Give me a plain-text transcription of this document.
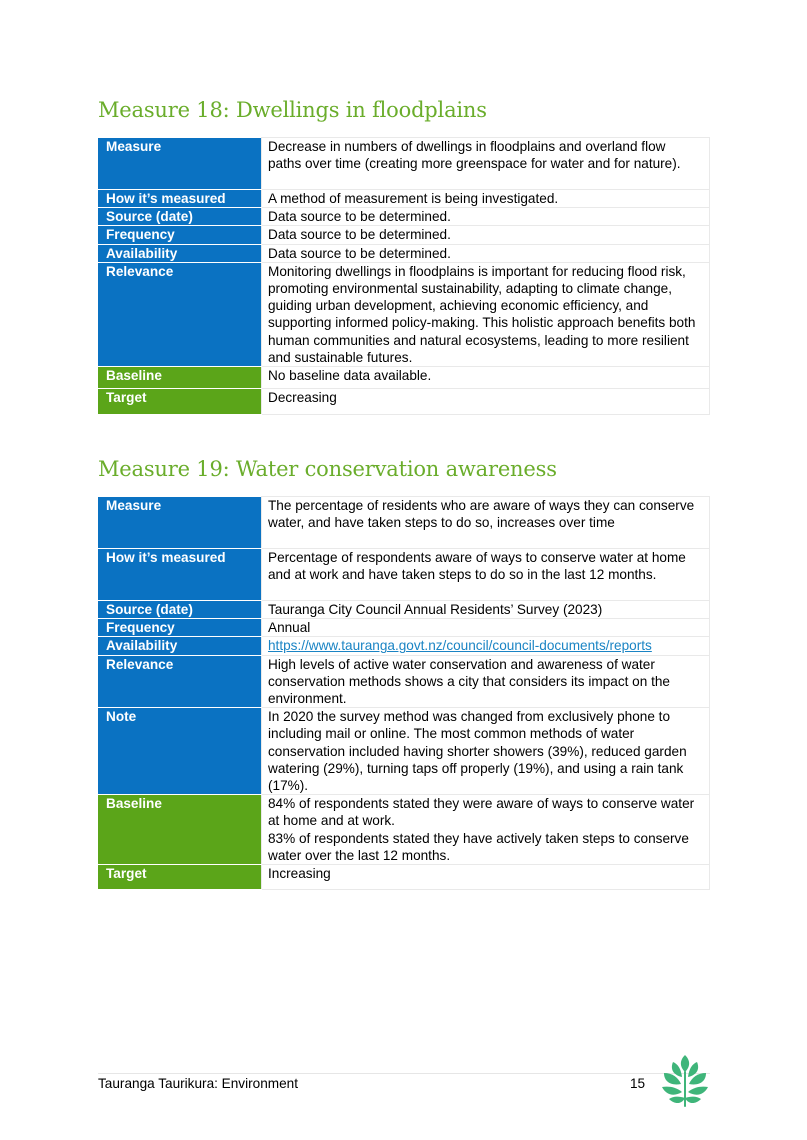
Measure 18: Dwellings in floodplains
Measure	Decrease in numbers of dwellings in floodplains and overland flow paths over time (creating more greenspace for water and for nature).
How it’s measured	A method of measurement is being investigated.
Source (date)	Data source to be determined.
Frequency	Data source to be determined.
Availability	Data source to be determined.
Relevance	Monitoring dwellings in floodplains is important for reducing flood risk, promoting environmental sustainability, adapting to climate change, guiding urban development, achieving economic efficiency, and supporting informed policy-making. This holistic approach benefits both human communities and natural ecosystems, leading to more resilient and sustainable futures.
Baseline	No baseline data available.
Target	Decreasing
Measure 19: Water conservation awareness
Measure	The percentage of residents who are aware of ways they can conserve water, and have taken steps to do so, increases over time
How it’s measured	Percentage of respondents aware of ways to conserve water at home and at work and have taken steps to do so in the last 12 months.
Source (date)	Tauranga City Council Annual Residents’ Survey (2023)
Frequency	Annual
Availability	https://www.tauranga.govt.nz/council/council-documents/reports
Relevance	High levels of active water conservation and awareness of water conservation methods shows a city that considers its impact on the environment.
Note	In 2020 the survey method was changed from exclusively phone to including mail or online. The most common methods of water conservation included having shorter showers (39%), reduced garden watering (29%), turning taps off properly (19%), and using a rain tank (17%).
Baseline	84% of respondents stated they were aware of ways to conserve water at home and at work.
83% of respondents stated they have actively taken steps to conserve water over the last 12 months.
Target	Increasing
Tauranga Taurikura: Environment	15
